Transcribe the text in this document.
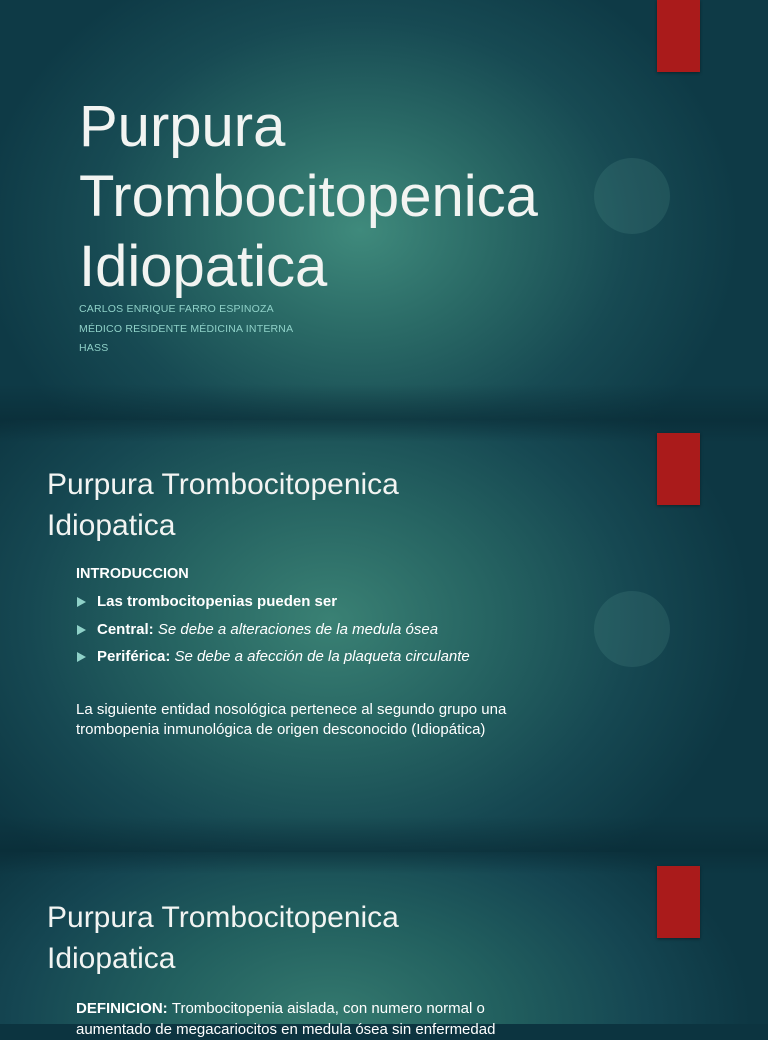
Purpura
Trombocitopenica
Idiopatica
CARLOS ENRIQUE FARRO ESPINOZA
MÉDICO RESIDENTE MÉDICINA INTERNA
HASS
Purpura Trombocitopenica
Idiopatica
INTRODUCCION
Las trombocitopenias pueden ser
Central: Se debe a alteraciones de la medula ósea
Periférica: Se debe a afección de la plaqueta circulante
La siguiente entidad nosológica pertenece al segundo grupo una
trombopenia inmunológica de origen desconocido (Idiopática)
Purpura Trombocitopenica
Idiopatica
DEFINICION: Trombocitopenia aislada, con numero normal o
aumentado de megacariocitos en medula ósea sin enfermedad
